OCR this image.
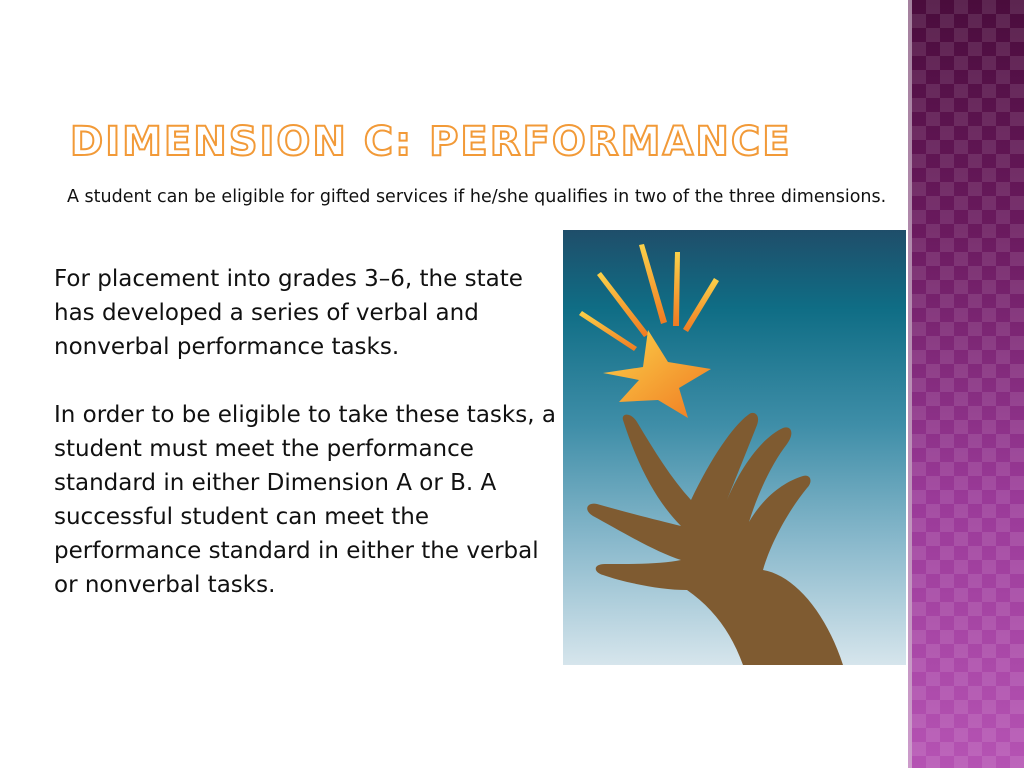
DIMENSION C: PERFORMANCE
A student can be eligible for gifted services if he/she qualifies in two of the three dimensions.

For placement into grades 3–6, the state has developed a series of verbal and nonverbal performance tasks.

In order to be eligible to take these tasks, a student must meet the performance standard in either Dimension A or B. A successful student can meet the performance standard in either the verbal or nonverbal tasks.
